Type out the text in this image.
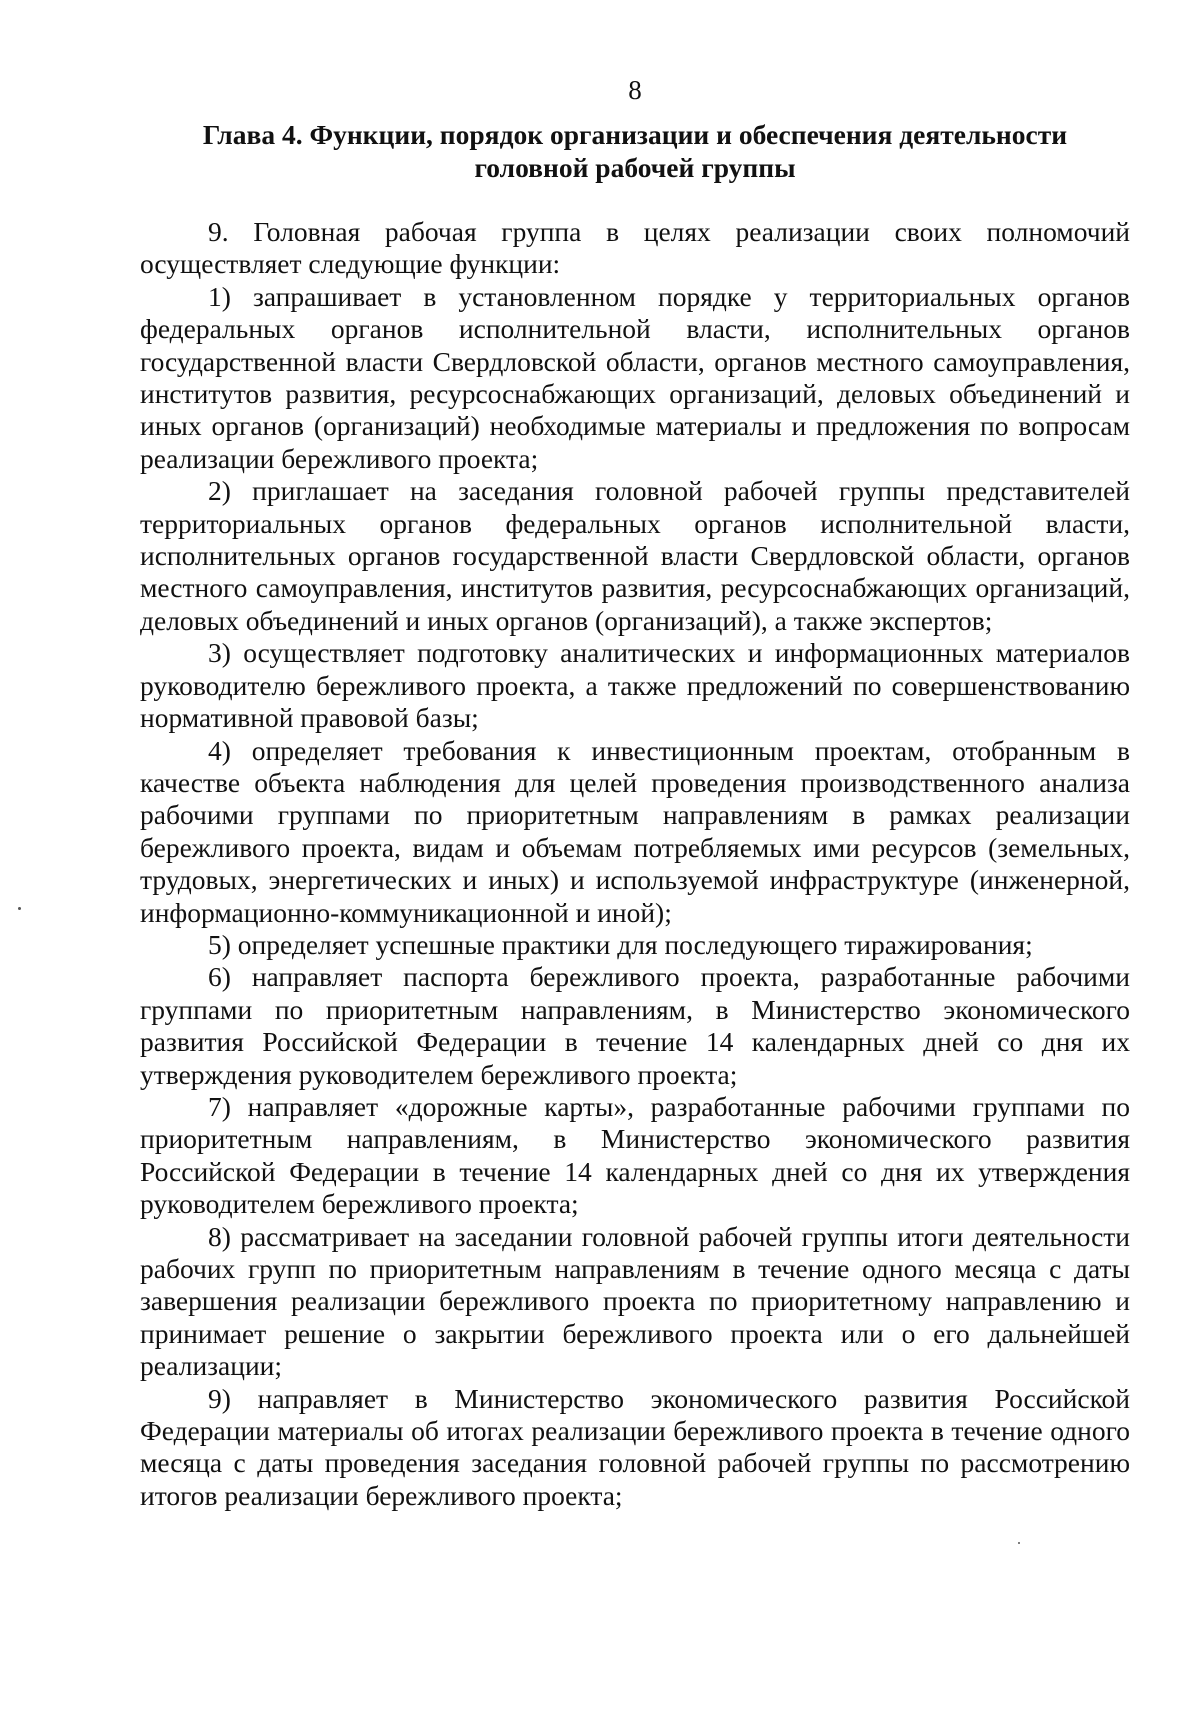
8
Глава 4. Функции, порядок организации и обеспечения деятельности головной рабочей группы

9. Головная рабочая группа в целях реализации своих полномочий осуществляет следующие функции:

1) запрашивает в установленном порядке у территориальных органов федеральных органов исполнительной власти, исполнительных органов государственной власти Свердловской области, органов местного самоуправления, институтов развития, ресурсоснабжающих организаций, деловых объединений и иных органов (организаций) необходимые материалы и предложения по вопросам реализации бережливого проекта;

2) приглашает на заседания головной рабочей группы представителей территориальных органов федеральных органов исполнительной власти, исполнительных органов государственной власти Свердловской области, органов местного самоуправления, институтов развития, ресурсоснабжающих организаций, деловых объединений и иных органов (организаций), а также экспертов;

3) осуществляет подготовку аналитических и информационных материалов руководителю бережливого проекта, а также предложений по совершенствованию нормативной правовой базы;

4) определяет требования к инвестиционным проектам, отобранным в качестве объекта наблюдения для целей проведения производственного анализа рабочими группами по приоритетным направлениям в рамках реализации бережливого проекта, видам и объемам потребляемых ими ресурсов (земельных, трудовых, энергетических и иных) и используемой инфраструктуре (инженерной, информационно-коммуникационной и иной);

5) определяет успешные практики для последующего тиражирования;

6) направляет паспорта бережливого проекта, разработанные рабочими группами по приоритетным направлениям, в Министерство экономического развития Российской Федерации в течение 14 календарных дней со дня их утверждения руководителем бережливого проекта;

7) направляет «дорожные карты», разработанные рабочими группами по приоритетным направлениям, в Министерство экономического развития Российской Федерации в течение 14 календарных дней со дня их утверждения руководителем бережливого проекта;

8) рассматривает на заседании головной рабочей группы итоги деятельности рабочих групп по приоритетным направлениям в течение одного месяца с даты завершения реализации бережливого проекта по приоритетному направлению и принимает решение о закрытии бережливого проекта или о его дальнейшей реализации;

9) направляет в Министерство экономического развития Российской Федерации материалы об итогах реализации бережливого проекта в течение одного месяца с даты проведения заседания головной рабочей группы по рассмотрению итогов реализации бережливого проекта;
